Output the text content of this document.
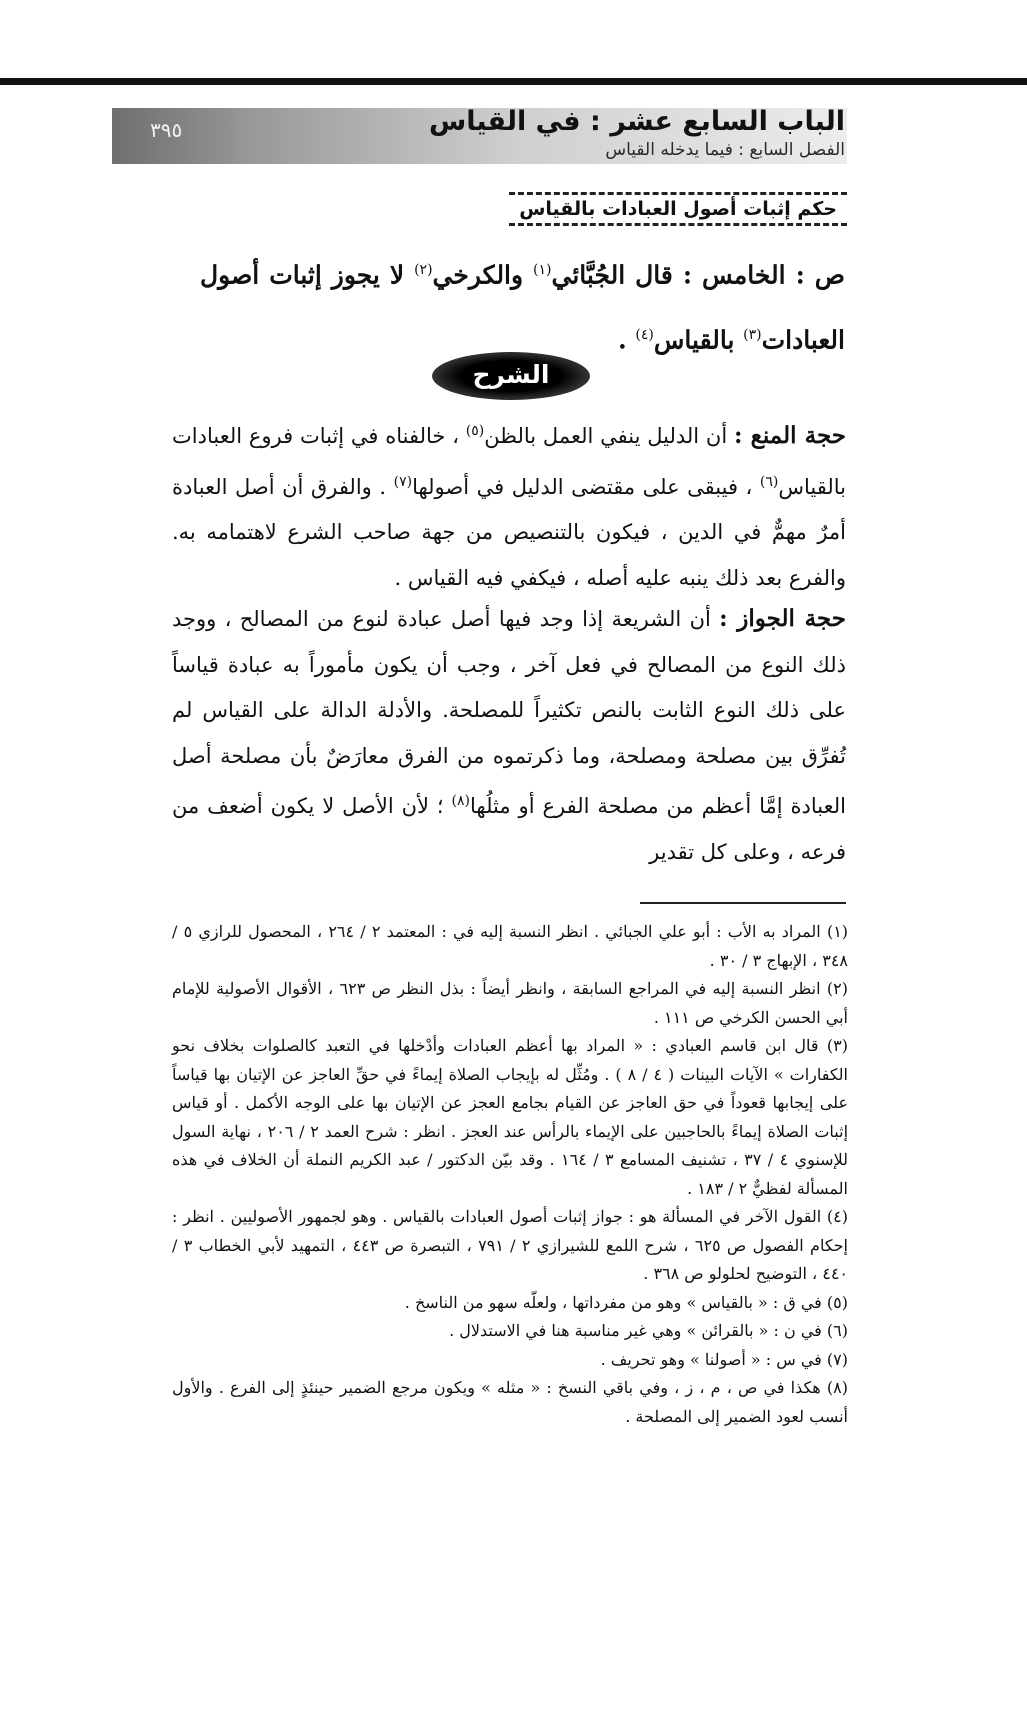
٣٩٥	الباب السابع عشر : في القياس
الفصل السابع : فيما يدخله القياس
حكم إثبات أصول العبادات بالقياس
ص : الخامس : قال الجُبَّائي$^{(١)}$ والكرخي$^{(٢)}$ لا يجوز إثبات أصول العبادات$^{(٣)}$ بالقياس$^{(٤)}$ .
الشرح
حجة المنع : أن الدليل ينفي العمل بالظن$^{(٥)}$ ، خالفناه في إثبات فروع العبادات بالقياس$^{(٦)}$ ، فيبقى على مقتضى الدليل في أصولها$^{(٧)}$ . والفرق أن أصل العبادة أمرٌ مهمٌّ في الدين ، فيكون بالتنصيص من جهة صاحب الشرع لاهتمامه به. والفرع بعد ذلك ينبه عليه أصله ، فيكفي فيه القياس .
حجة الجواز : أن الشريعة إذا وجد فيها أصل عبادة لنوع من المصالح ، ووجد ذلك النوع من المصالح في فعل آخر ، وجب أن يكون مأموراً به عبادة قياساً على ذلك النوع الثابت بالنص تكثيراً للمصلحة. والأدلة الدالة على القياس لم تُفرِّق بين مصلحة ومصلحة، وما ذكرتموه من الفرق معارَضٌ بأن مصلحة أصل العبادة إمَّا أعظم من مصلحة الفرع أو مثلُها$^{(٨)}$ ؛ لأن الأصل لا يكون أضعف من فرعه ، وعلى كل تقدير
(١) المراد به الأب : أبو علي الجبائي . انظر النسبة إليه في : المعتمد ٢ / ٢٦٤ ، المحصول للرازي ٥ / ٣٤٨ ، الإبهاج ٣ / ٣٠ .
(٢) انظر النسبة إليه في المراجع السابقة ، وانظر أيضاً : بذل النظر ص ٦٢٣ ، الأقوال الأصولية للإمام أبي الحسن الكرخي ص ١١١ .
(٣) قال ابن قاسم العبادي : « المراد بها أعظم العبادات وأدْخلها في التعبد كالصلوات بخلاف نحو الكفارات » الآيات البينات ( ٤ / ٨ ) . ومُثِّل له بإيجاب الصلاة إيماءً في حقِّ العاجز عن الإتيان بها قياساً على إيجابها قعوداً في حق العاجز عن القيام بجامع العجز عن الإتيان بها على الوجه الأكمل . أو قياس إثبات الصلاة إيماءً بالحاجبين على الإيماء بالرأس عند العجز . انظر : شرح العمد ٢ / ٢٠٦ ، نهاية السول للإسنوي ٤ / ٣٧ ، تشنيف المسامع ٣ / ١٦٤ . وقد بيّن الدكتور / عبد الكريم النملة أن الخلاف في هذه المسألة لفظيٌّ ٢ / ١٨٣ .
(٤) القول الآخر في المسألة هو : جواز إثبات أصول العبادات بالقياس . وهو لجمهور الأصوليين . انظر : إحكام الفصول ص ٦٢٥ ، شرح اللمع للشيرازي ٢ / ٧٩١ ، التبصرة ص ٤٤٣ ، التمهيد لأبي الخطاب ٣ / ٤٤٠ ، التوضيح لحلولو ص ٣٦٨ .
(٥) في ق : « بالقياس » وهو من مفرداتها ، ولعلّه سهو من الناسخ .
(٦) في ن : « بالقرائن » وهي غير مناسبة هنا في الاستدلال .
(٧) في س : « أصولنا » وهو تحريف .
(٨) هكذا في ص ، م ، ز ، وفي باقي النسخ : « مثله » ويكون مرجع الضمير حينئذٍ إلى الفرع . والأول أنسب لعود الضمير إلى المصلحة .
